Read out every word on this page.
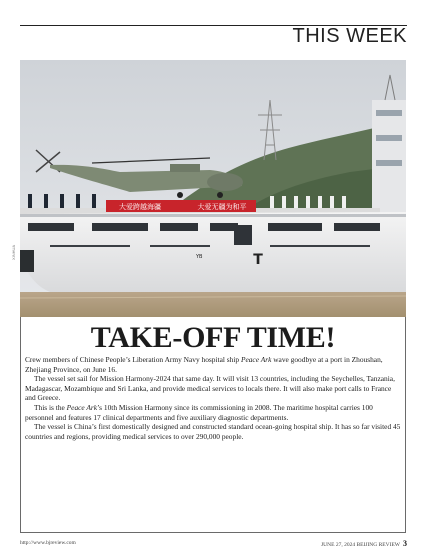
THIS WEEK
大爱跨越海疆	大爱无疆为和平
T
YB
XINHUA
TAKE-OFF TIME!

Crew members of Chinese People’s Liberation Army Navy hospital ship Peace Ark wave goodbye at a port in Zhoushan, Zhejiang Province, on June 16.

The vessel set sail for Mission Harmony-2024 that same day. It will visit 13 countries, including the Seychelles, Tanzania, Madagascar, Mozambique and Sri Lanka, and provide medical services to locals there. It will also make port calls to France and Greece.

This is the Peace Ark’s 10th Mission Harmony since its commissioning in 2008. The maritime hospital carries 100 personnel and features 17 clinical departments and five auxiliary diagnostic departments.

The vessel is China’s first domestically designed and constructed standard ocean-going hospital ship. It has so far visited 45 countries and regions, providing medical services to over 290,000 people.

http://www.bjreview.com	JUNE 27, 2024 BEIJING REVIEW 3
